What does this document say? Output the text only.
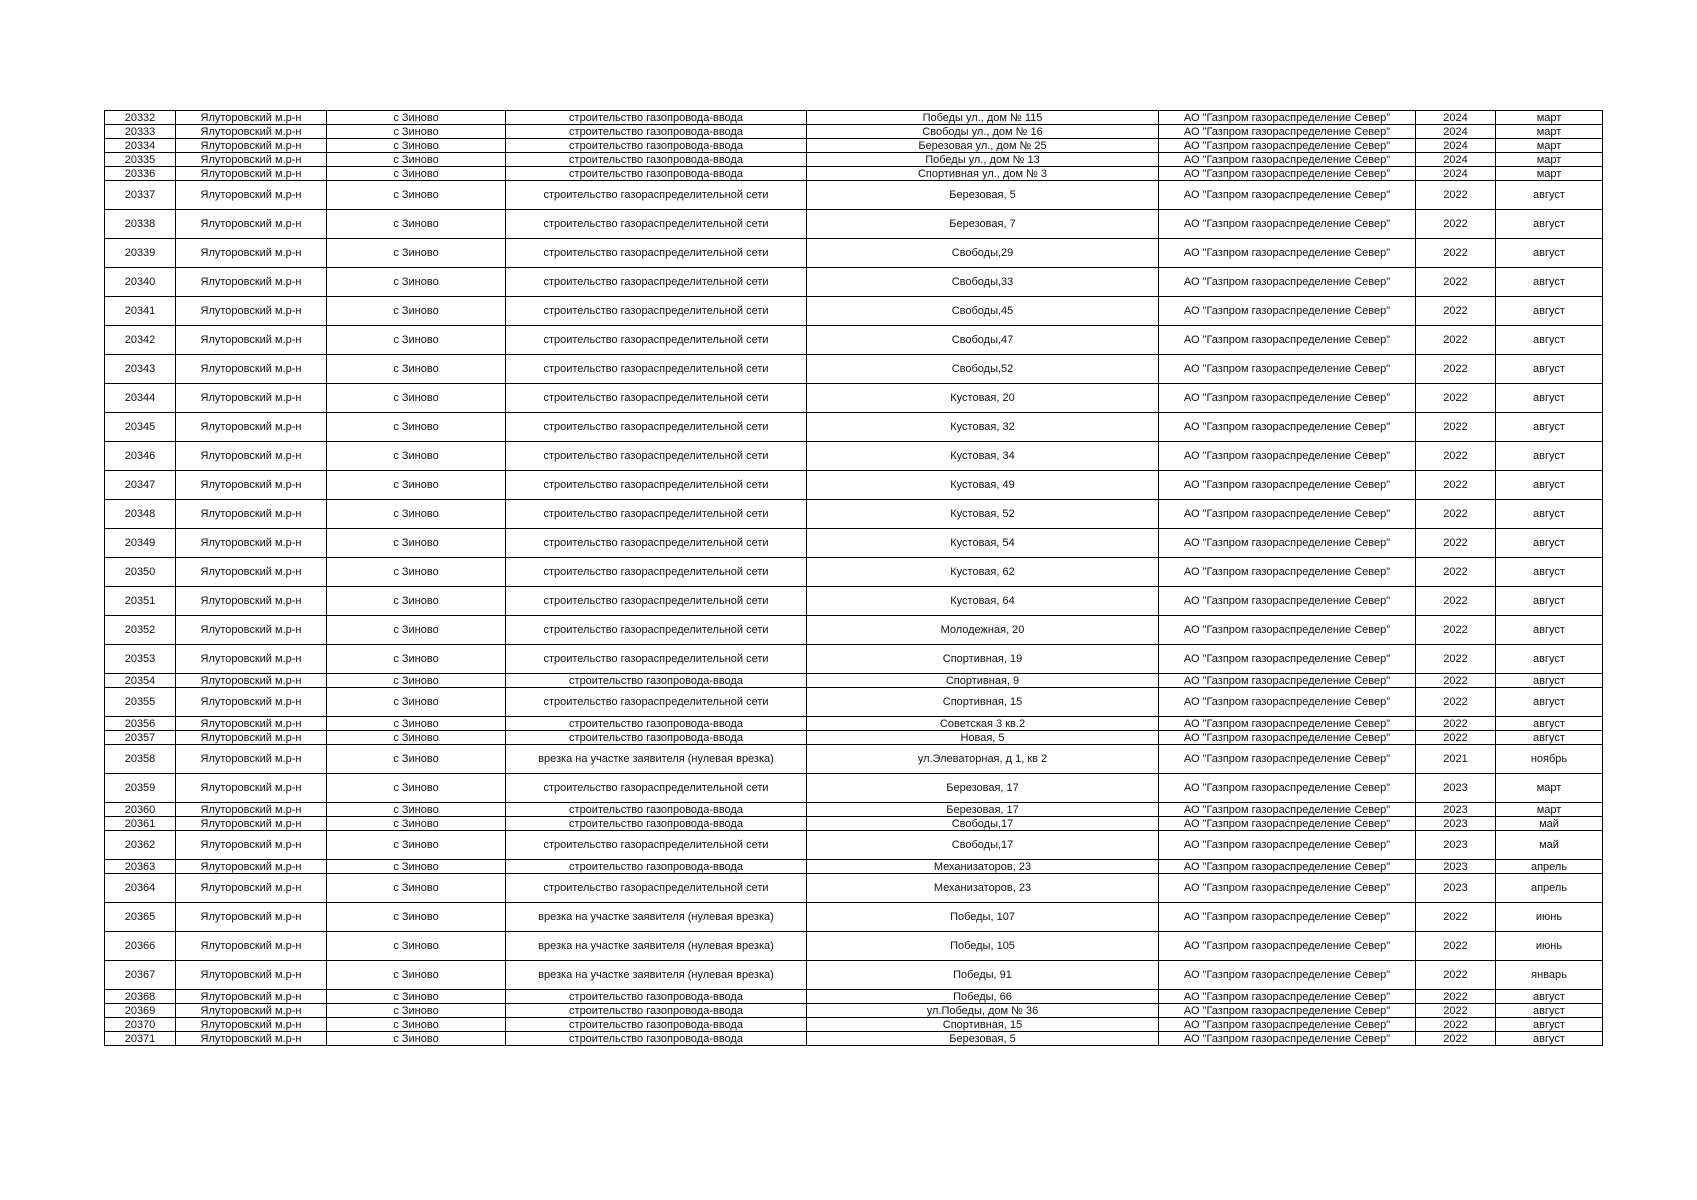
20332	Ялуторовский м.р-н	с Зиново	строительство газопровода-ввода	Победы ул., дом № 115	АО "Газпром газораспределение Север"	2024	март
20333	Ялуторовский м.р-н	с Зиново	строительство газопровода-ввода	Свободы ул., дом № 16	АО "Газпром газораспределение Север"	2024	март
20334	Ялуторовский м.р-н	с Зиново	строительство газопровода-ввода	Березовая ул., дом № 25	АО "Газпром газораспределение Север"	2024	март
20335	Ялуторовский м.р-н	с Зиново	строительство газопровода-ввода	Победы ул., дом № 13	АО "Газпром газораспределение Север"	2024	март
20336	Ялуторовский м.р-н	с Зиново	строительство газопровода-ввода	Спортивная ул., дом № 3	АО "Газпром газораспределение Север"	2024	март
20337	Ялуторовский м.р-н	с Зиново	строительство газораспределительной сети	Березовая, 5	АО "Газпром газораспределение Север"	2022	август
20338	Ялуторовский м.р-н	с Зиново	строительство газораспределительной сети	Березовая, 7	АО "Газпром газораспределение Север"	2022	август
20339	Ялуторовский м.р-н	с Зиново	строительство газораспределительной сети	Свободы,29	АО "Газпром газораспределение Север"	2022	август
20340	Ялуторовский м.р-н	с Зиново	строительство газораспределительной сети	Свободы,33	АО "Газпром газораспределение Север"	2022	август
20341	Ялуторовский м.р-н	с Зиново	строительство газораспределительной сети	Свободы,45	АО "Газпром газораспределение Север"	2022	август
20342	Ялуторовский м.р-н	с Зиново	строительство газораспределительной сети	Свободы,47	АО "Газпром газораспределение Север"	2022	август
20343	Ялуторовский м.р-н	с Зиново	строительство газораспределительной сети	Свободы,52	АО "Газпром газораспределение Север"	2022	август
20344	Ялуторовский м.р-н	с Зиново	строительство газораспределительной сети	Кустовая, 20	АО "Газпром газораспределение Север"	2022	август
20345	Ялуторовский м.р-н	с Зиново	строительство газораспределительной сети	Кустовая, 32	АО "Газпром газораспределение Север"	2022	август
20346	Ялуторовский м.р-н	с Зиново	строительство газораспределительной сети	Кустовая, 34	АО "Газпром газораспределение Север"	2022	август
20347	Ялуторовский м.р-н	с Зиново	строительство газораспределительной сети	Кустовая, 49	АО "Газпром газораспределение Север"	2022	август
20348	Ялуторовский м.р-н	с Зиново	строительство газораспределительной сети	Кустовая, 52	АО "Газпром газораспределение Север"	2022	август
20349	Ялуторовский м.р-н	с Зиново	строительство газораспределительной сети	Кустовая, 54	АО "Газпром газораспределение Север"	2022	август
20350	Ялуторовский м.р-н	с Зиново	строительство газораспределительной сети	Кустовая, 62	АО "Газпром газораспределение Север"	2022	август
20351	Ялуторовский м.р-н	с Зиново	строительство газораспределительной сети	Кустовая, 64	АО "Газпром газораспределение Север"	2022	август
20352	Ялуторовский м.р-н	с Зиново	строительство газораспределительной сети	Молодежная, 20	АО "Газпром газораспределение Север"	2022	август
20353	Ялуторовский м.р-н	с Зиново	строительство газораспределительной сети	Спортивная, 19	АО "Газпром газораспределение Север"	2022	август
20354	Ялуторовский м.р-н	с Зиново	строительство газопровода-ввода	Спортивная, 9	АО "Газпром газораспределение Север"	2022	август
20355	Ялуторовский м.р-н	с Зиново	строительство газораспределительной сети	Спортивная, 15	АО "Газпром газораспределение Север"	2022	август
20356	Ялуторовский м.р-н	с Зиново	строительство газопровода-ввода	Советская 3 кв.2	АО "Газпром газораспределение Север"	2022	август
20357	Ялуторовский м.р-н	с Зиново	строительство газопровода-ввода	Новая, 5	АО "Газпром газораспределение Север"	2022	август
20358	Ялуторовский м.р-н	с Зиново	врезка на участке заявителя (нулевая врезка)	ул.Элеваторная, д 1, кв 2	АО "Газпром газораспределение Север"	2021	ноябрь
20359	Ялуторовский м.р-н	с Зиново	строительство газораспределительной сети	Березовая, 17	АО "Газпром газораспределение Север"	2023	март
20360	Ялуторовский м.р-н	с Зиново	строительство газопровода-ввода	Березовая, 17	АО "Газпром газораспределение Север"	2023	март
20361	Ялуторовский м.р-н	с Зиново	строительство газопровода-ввода	Свободы,17	АО "Газпром газораспределение Север"	2023	май
20362	Ялуторовский м.р-н	с Зиново	строительство газораспределительной сети	Свободы,17	АО "Газпром газораспределение Север"	2023	май
20363	Ялуторовский м.р-н	с Зиново	строительство газопровода-ввода	Механизаторов, 23	АО "Газпром газораспределение Север"	2023	апрель
20364	Ялуторовский м.р-н	с Зиново	строительство газораспределительной сети	Механизаторов, 23	АО "Газпром газораспределение Север"	2023	апрель
20365	Ялуторовский м.р-н	с Зиново	врезка на участке заявителя (нулевая врезка)	Победы, 107	АО "Газпром газораспределение Север"	2022	июнь
20366	Ялуторовский м.р-н	с Зиново	врезка на участке заявителя (нулевая врезка)	Победы, 105	АО "Газпром газораспределение Север"	2022	июнь
20367	Ялуторовский м.р-н	с Зиново	врезка на участке заявителя (нулевая врезка)	Победы, 91	АО "Газпром газораспределение Север"	2022	январь
20368	Ялуторовский м.р-н	с Зиново	строительство газопровода-ввода	Победы, 66	АО "Газпром газораспределение Север"	2022	август
20369	Ялуторовский м.р-н	с Зиново	строительство газопровода-ввода	ул.Победы, дом № 36	АО "Газпром газораспределение Север"	2022	август
20370	Ялуторовский м.р-н	с Зиново	строительство газопровода-ввода	Спортивная, 15	АО "Газпром газораспределение Север"	2022	август
20371	Ялуторовский м.р-н	с Зиново	строительство газопровода-ввода	Березовая, 5	АО "Газпром газораспределение Север"	2022	август
